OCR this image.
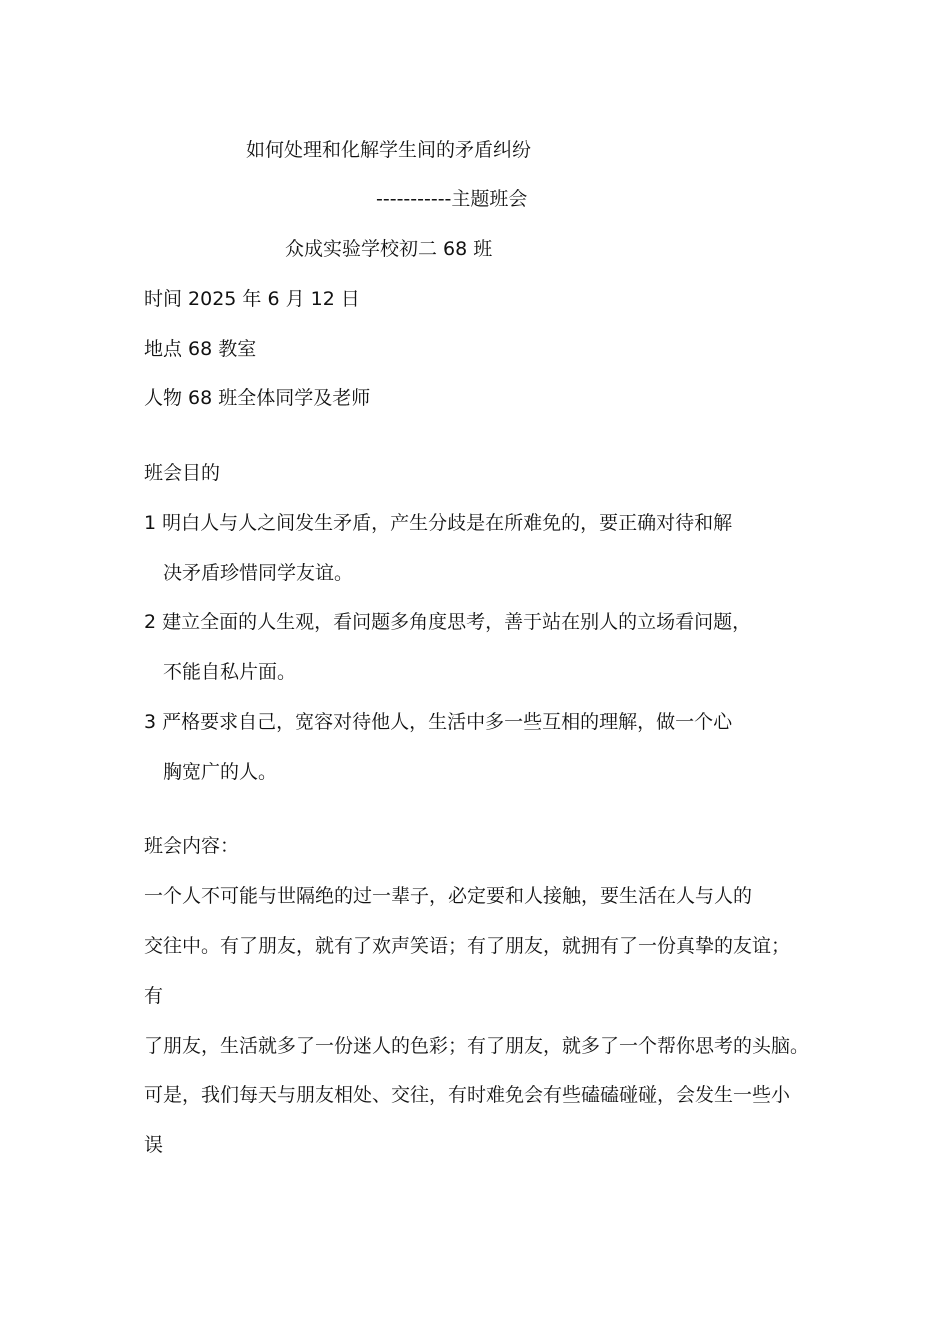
如何处理和化解学生间的矛盾纠纷
-----------主题班会
众成实验学校初二 68 班
时间 2025 年 6 月 12 日
地点 68 教室
人物 68 班全体同学及老师
班会目的
1 明白人与人之间发生矛盾，产生分歧是在所难免的，要正确对待和解
决矛盾珍惜同学友谊。
2 建立全面的人生观，看问题多角度思考，善于站在别人的立场看问题，
不能自私片面。
3 严格要求自己，宽容对待他人，生活中多一些互相的理解，做一个心
胸宽广的人。
班会内容：
一个人不可能与世隔绝的过一辈子，必定要和人接触，要生活在人与人的
交往中。有了朋友，就有了欢声笑语；有了朋友，就拥有了一份真挚的友谊；
有
了朋友，生活就多了一份迷人的色彩；有了朋友，就多了一个帮你思考的头脑。
可是，我们每天与朋友相处、交往，有时难免会有些磕磕碰碰，会发生一些小
误
